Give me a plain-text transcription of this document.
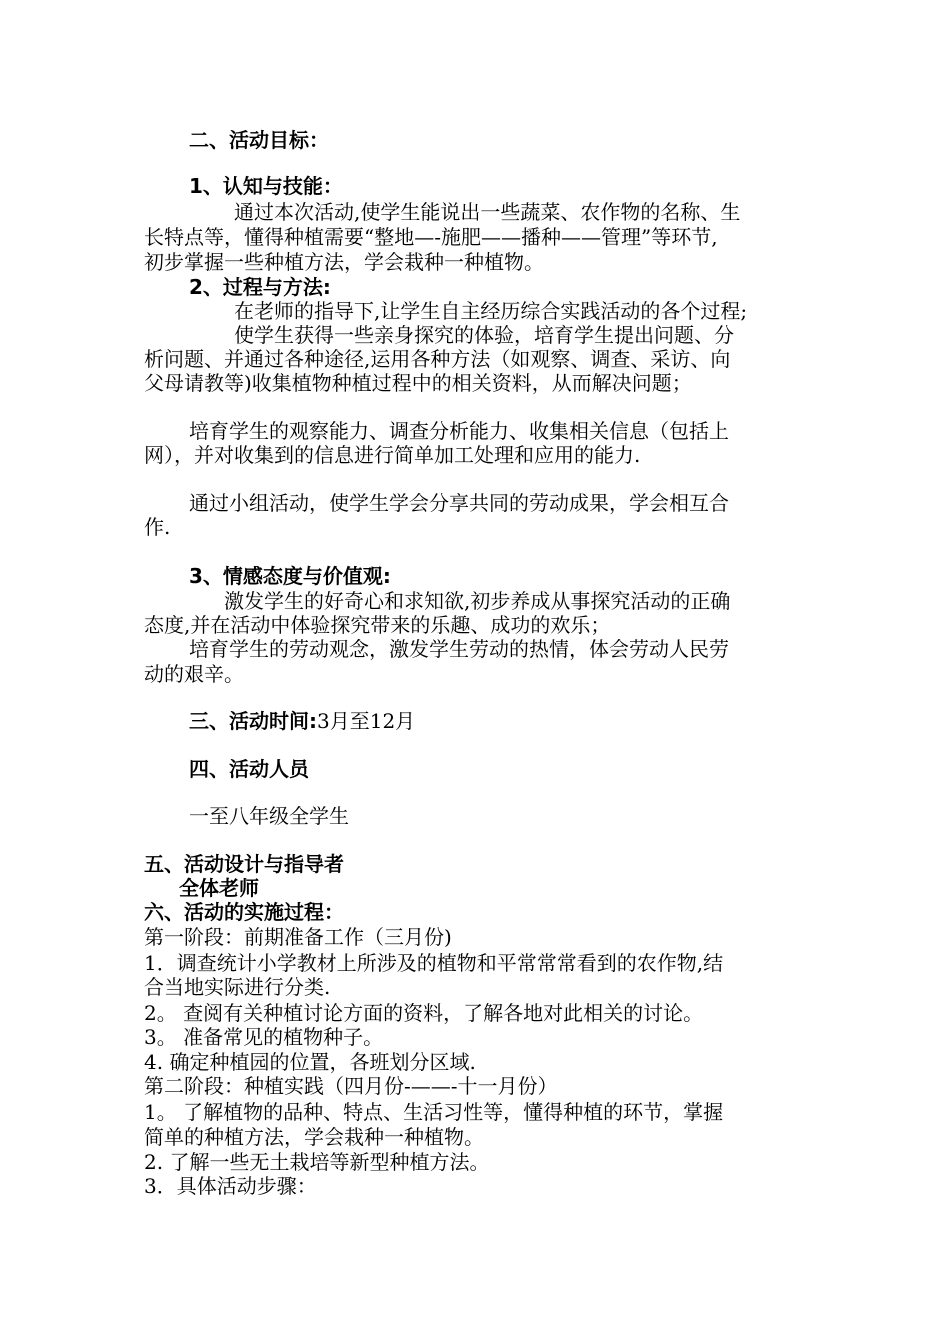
二、活动目标：

1、认知与技能：

通过本次活动,使学生能说出一些蔬菜、农作物的名称、生

长特点等，懂得种植需要“整地—-施肥——播种——管理”等环节,

初步掌握一些种植方法，学会栽种一种植物。

2、过程与方法:

在老师的指导下,让学生自主经历综合实践活动的各个过程;

使学生获得一些亲身探究的体验，培育学生提出问题、分

析问题、并通过各种途径,运用各种方法（如观察、调查、采访、向

父母请教等)收集植物种植过程中的相关资料，从而解决问题；

培育学生的观察能力、调查分析能力、收集相关信息（包括上

网），并对收集到的信息进行简单加工处理和应用的能力.

通过小组活动，使学生学会分享共同的劳动成果，学会相互合

作.

3、情感态度与价值观:

激发学生的好奇心和求知欲,初步养成从事探究活动的正确

态度,并在活动中体验探究带来的乐趣、成功的欢乐；

培育学生的劳动观念，激发学生劳动的热情，体会劳动人民劳

动的艰辛。

三、活动时间:3月至12月

四、活动人员

一至八年级全学生

五、活动设计与指导者

全体老师

六、活动的实施过程：

第一阶段：前期准备工作（三月份)

1．调查统计小学教材上所涉及的植物和平常常常看到的农作物,结

合当地实际进行分类.

2。 查阅有关种植讨论方面的资料，了解各地对此相关的讨论。

3。 准备常见的植物种子。

4. 确定种植园的位置，各班划分区域.

第二阶段：种植实践（四月份-——-十一月份）

1。 了解植物的品种、特点、生活习性等，懂得种植的环节，掌握

简单的种植方法，学会栽种一种植物。

2. 了解一些无土栽培等新型种植方法。

3．具体活动步骤：
